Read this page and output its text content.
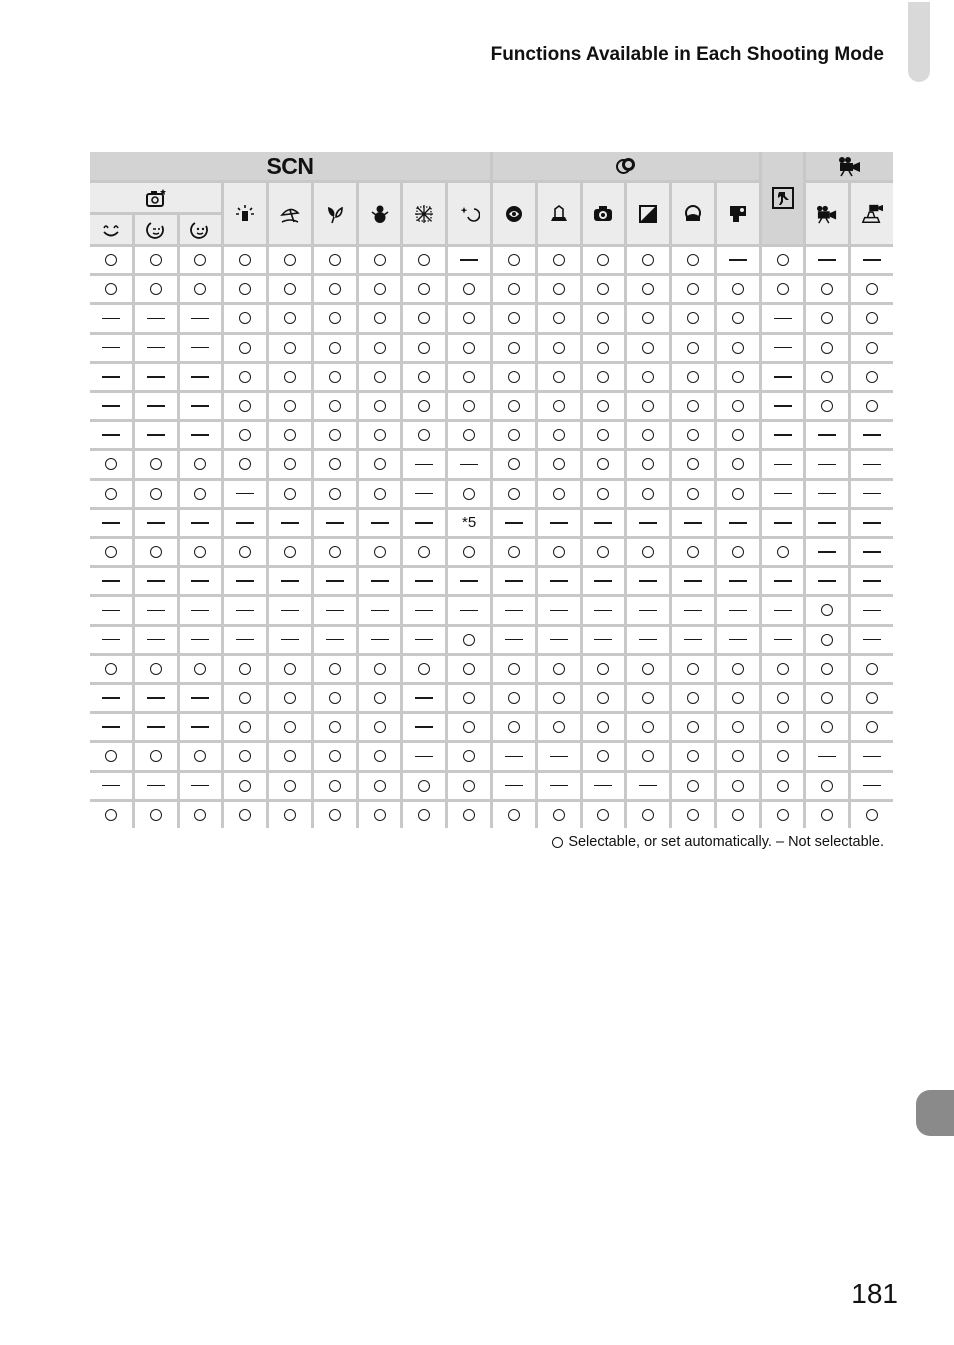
Functions Available in Each Shooting Mode
SCN
*5
Selectable, or set automatically. – Not selectable.
181
